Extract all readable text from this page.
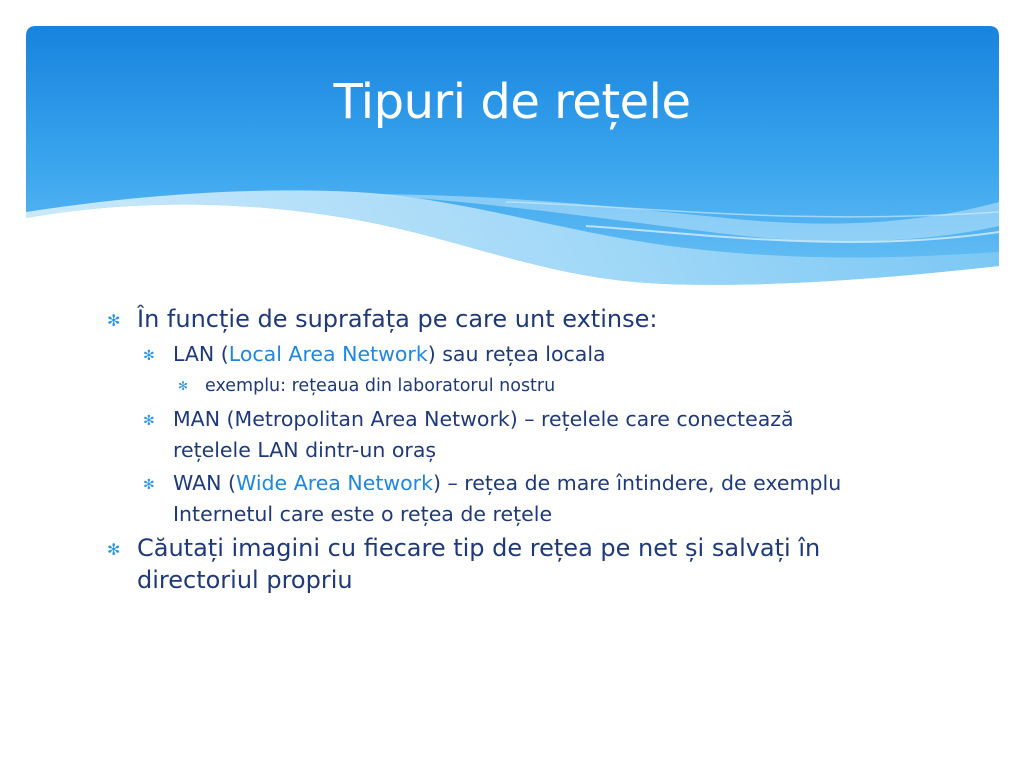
Tipuri de rețele
✻ În funcție de suprafața pe care unt extinse:
✻ LAN (Local Area Network) sau rețea locala
✻ exemplu: rețeaua din laboratorul nostru
✻ MAN (Metropolitan Area Network) – rețelele care conectează rețelele LAN dintr-un oraș
✻ WAN (Wide Area Network) – rețea de mare întindere, de exemplu Internetul care este o rețea de rețele
✻ Căutați imagini cu fiecare tip de rețea pe net și salvați în directoriul propriu
